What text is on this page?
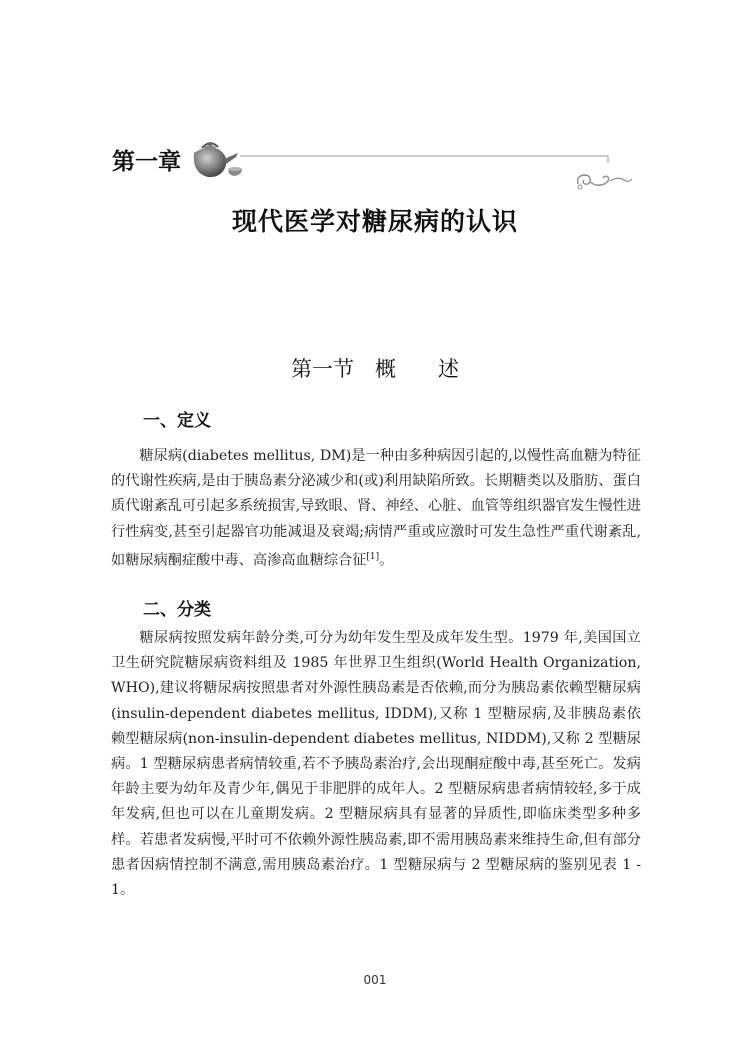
第一章
现代医学对糖尿病的认识
第一节　概　　述
一、定义

糖尿病(diabetes mellitus, DM)是一种由多种病因引起的,以慢性高血糖为特征的代谢性疾病,是由于胰岛素分泌减少和(或)利用缺陷所致。长期糖类以及脂肪、蛋白质代谢紊乱可引起多系统损害,导致眼、肾、神经、心脏、血管等组织器官发生慢性进行性病变,甚至引起器官功能减退及衰竭;病情严重或应激时可发生急性严重代谢紊乱,如糖尿病酮症酸中毒、高渗高血糖综合征[1]。

二、分类

糖尿病按照发病年龄分类,可分为幼年发生型及成年发生型。1979 年,美国国立卫生研究院糖尿病资料组及 1985 年世界卫生组织(World Health Organization, WHO),建议将糖尿病按照患者对外源性胰岛素是否依赖,而分为胰岛素依赖型糖尿病(insulin-dependent diabetes mellitus, IDDM),又称 1 型糖尿病,及非胰岛素依赖型糖尿病(non-insulin-dependent diabetes mellitus, NIDDM),又称 2 型糖尿病。1 型糖尿病患者病情较重,若不予胰岛素治疗,会出现酮症酸中毒,甚至死亡。发病年龄主要为幼年及青少年,偶见于非肥胖的成年人。2 型糖尿病患者病情较轻,多于成年发病,但也可以在儿童期发病。2 型糖尿病具有显著的异质性,即临床类型多种多样。若患者发病慢,平时可不依赖外源性胰岛素,即不需用胰岛素来维持生命,但有部分患者因病情控制不满意,需用胰岛素治疗。1 型糖尿病与 2 型糖尿病的鉴别见表 1 - 1。

001
